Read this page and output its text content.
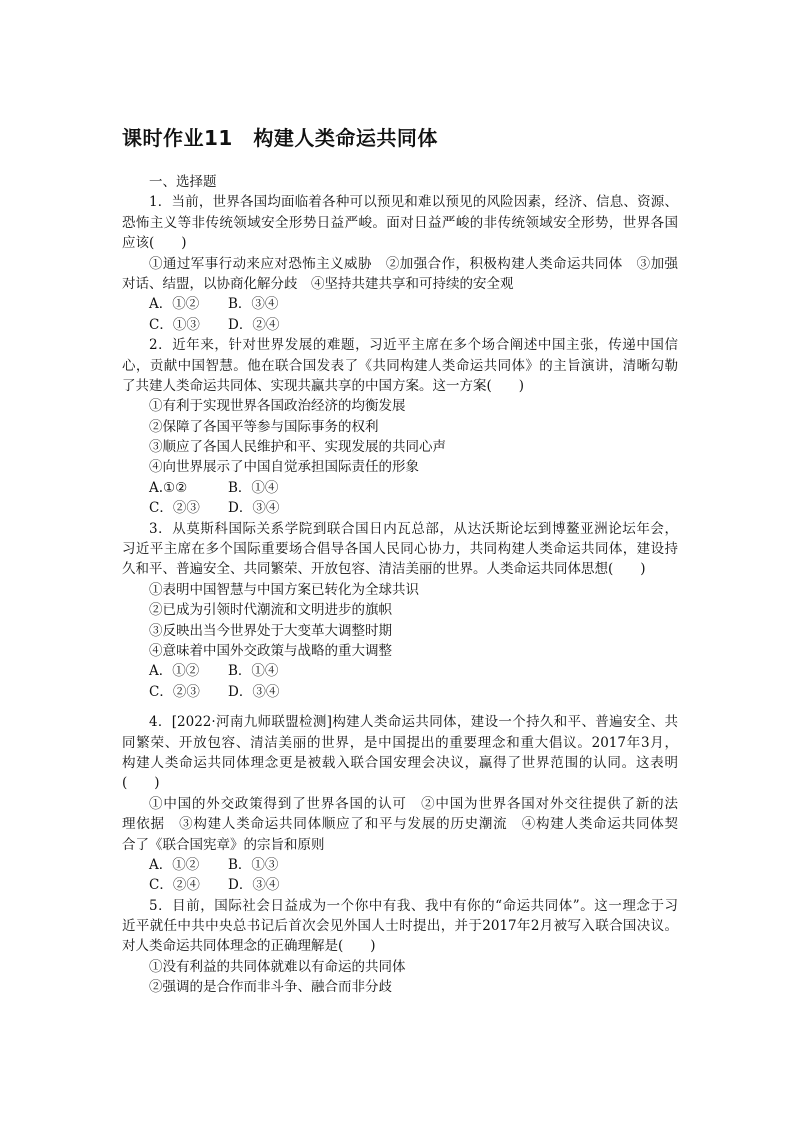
课时作业11　构建人类命运共同体
一、选择题
1．当前，世界各国均面临着各种可以预见和难以预见的风险因素，经济、信息、资源、
恐怖主义等非传统领域安全形势日益严峻。面对日益严峻的非传统领域安全形势，世界各国
应该(　　)
①通过军事行动来应对恐怖主义威胁　②加强合作，积极构建人类命运共同体　③加强
对话、结盟，以协商化解分歧　④坚持共建共享和可持续的安全观
A．①② B．③④
C．①③ D．②④
2．近年来，针对世界发展的难题，习近平主席在多个场合阐述中国主张，传递中国信
心，贡献中国智慧。他在联合国发表了《共同构建人类命运共同体》的主旨演讲，清晰勾勒
了共建人类命运共同体、实现共赢共享的中国方案。这一方案(　　)
①有利于实现世界各国政治经济的均衡发展
②保障了各国平等参与国际事务的权利
③顺应了各国人民维护和平、实现发展的共同心声
④向世界展示了中国自觉承担国际责任的形象
A.①②	B．①④
C．②③ D．③④
3．从莫斯科国际关系学院到联合国日内瓦总部，从达沃斯论坛到博鳌亚洲论坛年会，
习近平主席在多个国际重要场合倡导各国人民同心协力，共同构建人类命运共同体，建设持
久和平、普遍安全、共同繁荣、开放包容、清洁美丽的世界。人类命运共同体思想(　　)
①表明中国智慧与中国方案已转化为全球共识
②已成为引领时代潮流和文明进步的旗帜
③反映出当今世界处于大变革大调整时期
④意味着中国外交政策与战略的重大调整
A．①② B．①④
C．②③ D．③④
4．[2022·河南九师联盟检测]构建人类命运共同体，建设一个持久和平、普遍安全、共
同繁荣、开放包容、清洁美丽的世界，是中国提出的重要理念和重大倡议。2017年3月，
构建人类命运共同体理念更是被载入联合国安理会决议，赢得了世界范围的认同。这表明
(　　)
①中国的外交政策得到了世界各国的认可　②中国为世界各国对外交往提供了新的法
理依据　③构建人类命运共同体顺应了和平与发展的历史潮流　④构建人类命运共同体契
合了《联合国宪章》的宗旨和原则
A．①② B．①③
C．②④ D．③④
5．目前，国际社会日益成为一个你中有我、我中有你的“命运共同体”。这一理念于习
近平就任中共中央总书记后首次会见外国人士时提出，并于2017年2月被写入联合国决议。
对人类命运共同体理念的正确理解是(　　)
①没有利益的共同体就难以有命运的共同体
②强调的是合作而非斗争、融合而非分歧
